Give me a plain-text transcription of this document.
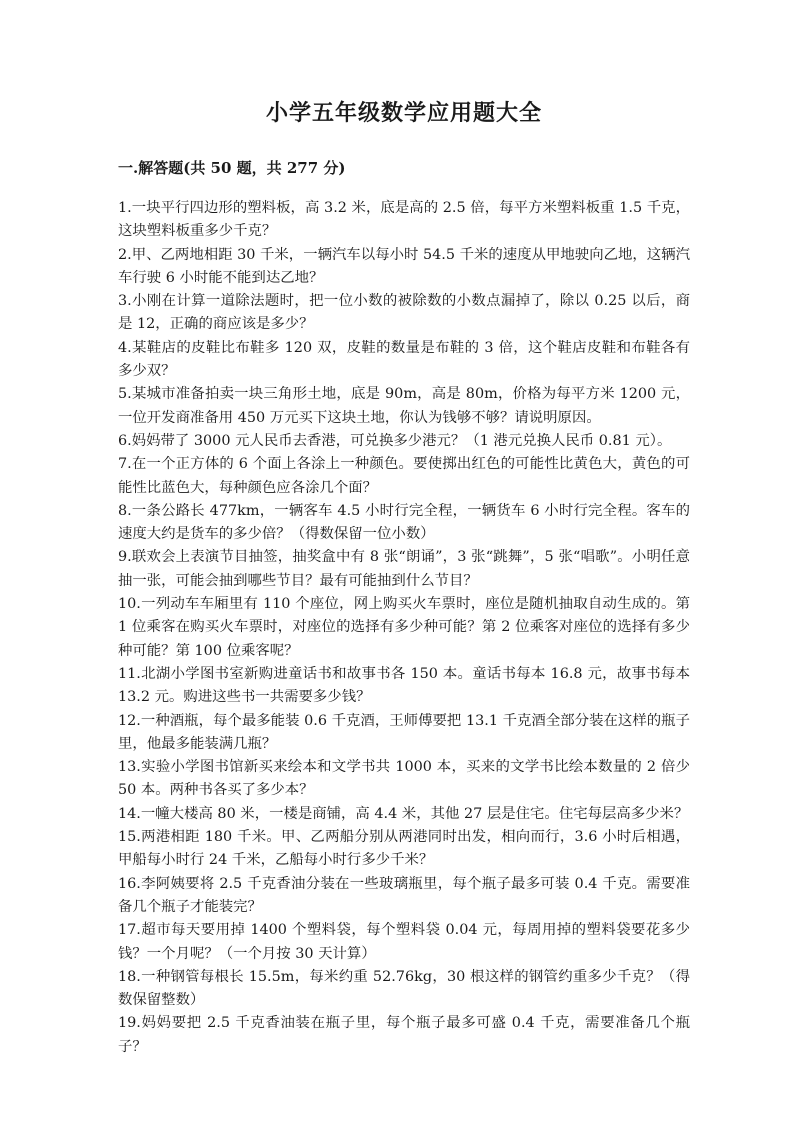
小学五年级数学应用题大全
一.解答题(共 50 题，共 277 分)
1.一块平行四边形的塑料板，高 3.2 米，底是高的 2.5 倍，每平方米塑料板重 1.5 千克，这块塑料板重多少千克？
2.甲、乙两地相距 30 千米，一辆汽车以每小时 54.5 千米的速度从甲地驶向乙地，这辆汽车行驶 6 小时能不能到达乙地？
3.小刚在计算一道除法题时，把一位小数的被除数的小数点漏掉了，除以 0.25 以后，商是 12，正确的商应该是多少？
4.某鞋店的皮鞋比布鞋多 120 双，皮鞋的数量是布鞋的 3 倍，这个鞋店皮鞋和布鞋各有多少双？
5.某城市准备拍卖一块三角形土地，底是 90m，高是 80m，价格为每平方米 1200 元，一位开发商准备用 450 万元买下这块土地，你认为钱够不够？请说明原因。
6.妈妈带了 3000 元人民币去香港，可兑换多少港元？（1 港元兑换人民币 0.81 元）。
7.在一个正方体的 6 个面上各涂上一种颜色。要使掷出红色的可能性比黄色大，黄色的可能性比蓝色大，每种颜色应各涂几个面？
8.一条公路长 477km，一辆客车 4.5 小时行完全程，一辆货车 6 小时行完全程。客车的速度大约是货车的多少倍？（得数保留一位小数）
9.联欢会上表演节目抽签，抽奖盒中有 8 张“朗诵”，3 张“跳舞”，5 张“唱歌”。小明任意抽一张，可能会抽到哪些节目？最有可能抽到什么节目？
10.一列动车车厢里有 110 个座位，网上购买火车票时，座位是随机抽取自动生成的。第 1 位乘客在购买火车票时，对座位的选择有多少种可能？第 2 位乘客对座位的选择有多少种可能？第 100 位乘客呢？
11.北湖小学图书室新购进童话书和故事书各 150 本。童话书每本 16.8 元，故事书每本 13.2 元。购进这些书一共需要多少钱？
12.一种酒瓶，每个最多能装 0.6 千克酒，王师傅要把 13.1 千克酒全部分装在这样的瓶子里，他最多能装满几瓶？
13.实验小学图书馆新买来绘本和文学书共 1000 本，买来的文学书比绘本数量的 2 倍少 50 本。两种书各买了多少本？
14.一幢大楼高 80 米，一楼是商铺，高 4.4 米，其他 27 层是住宅。住宅每层高多少米？
15.两港相距 180 千米。甲、乙两船分别从两港同时出发，相向而行，3.6 小时后相遇，甲船每小时行 24 千米，乙船每小时行多少千米？
16.李阿姨要将 2.5 千克香油分装在一些玻璃瓶里，每个瓶子最多可装 0.4 千克。需要准备几个瓶子才能装完？
17.超市每天要用掉 1400 个塑料袋，每个塑料袋 0.04 元，每周用掉的塑料袋要花多少钱？一个月呢？（一个月按 30 天计算）
18.一种钢管每根长 15.5m，每米约重 52.76kg，30 根这样的钢管约重多少千克？（得数保留整数）
19.妈妈要把 2.5 千克香油装在瓶子里，每个瓶子最多可盛 0.4 千克，需要准备几个瓶子？
